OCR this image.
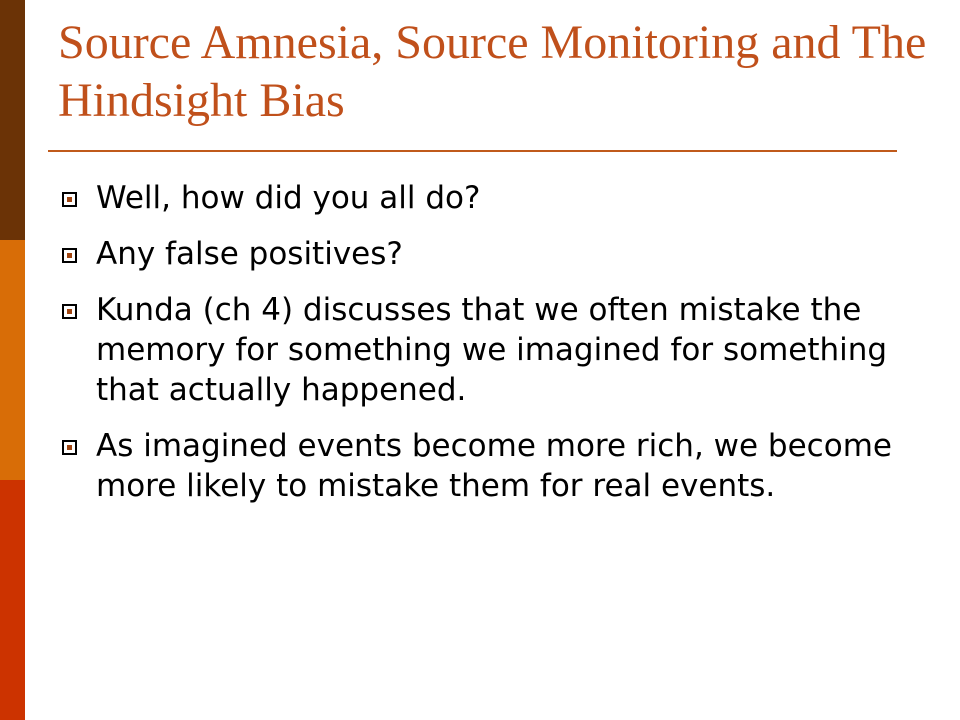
Source Amnesia, Source Monitoring and The Hindsight Bias
Well, how did you all do?
Any false positives?
Kunda (ch 4) discusses that we often mistake the memory for something we imagined for something that actually happened.
As imagined events become more rich, we become more likely to mistake them for real events.
